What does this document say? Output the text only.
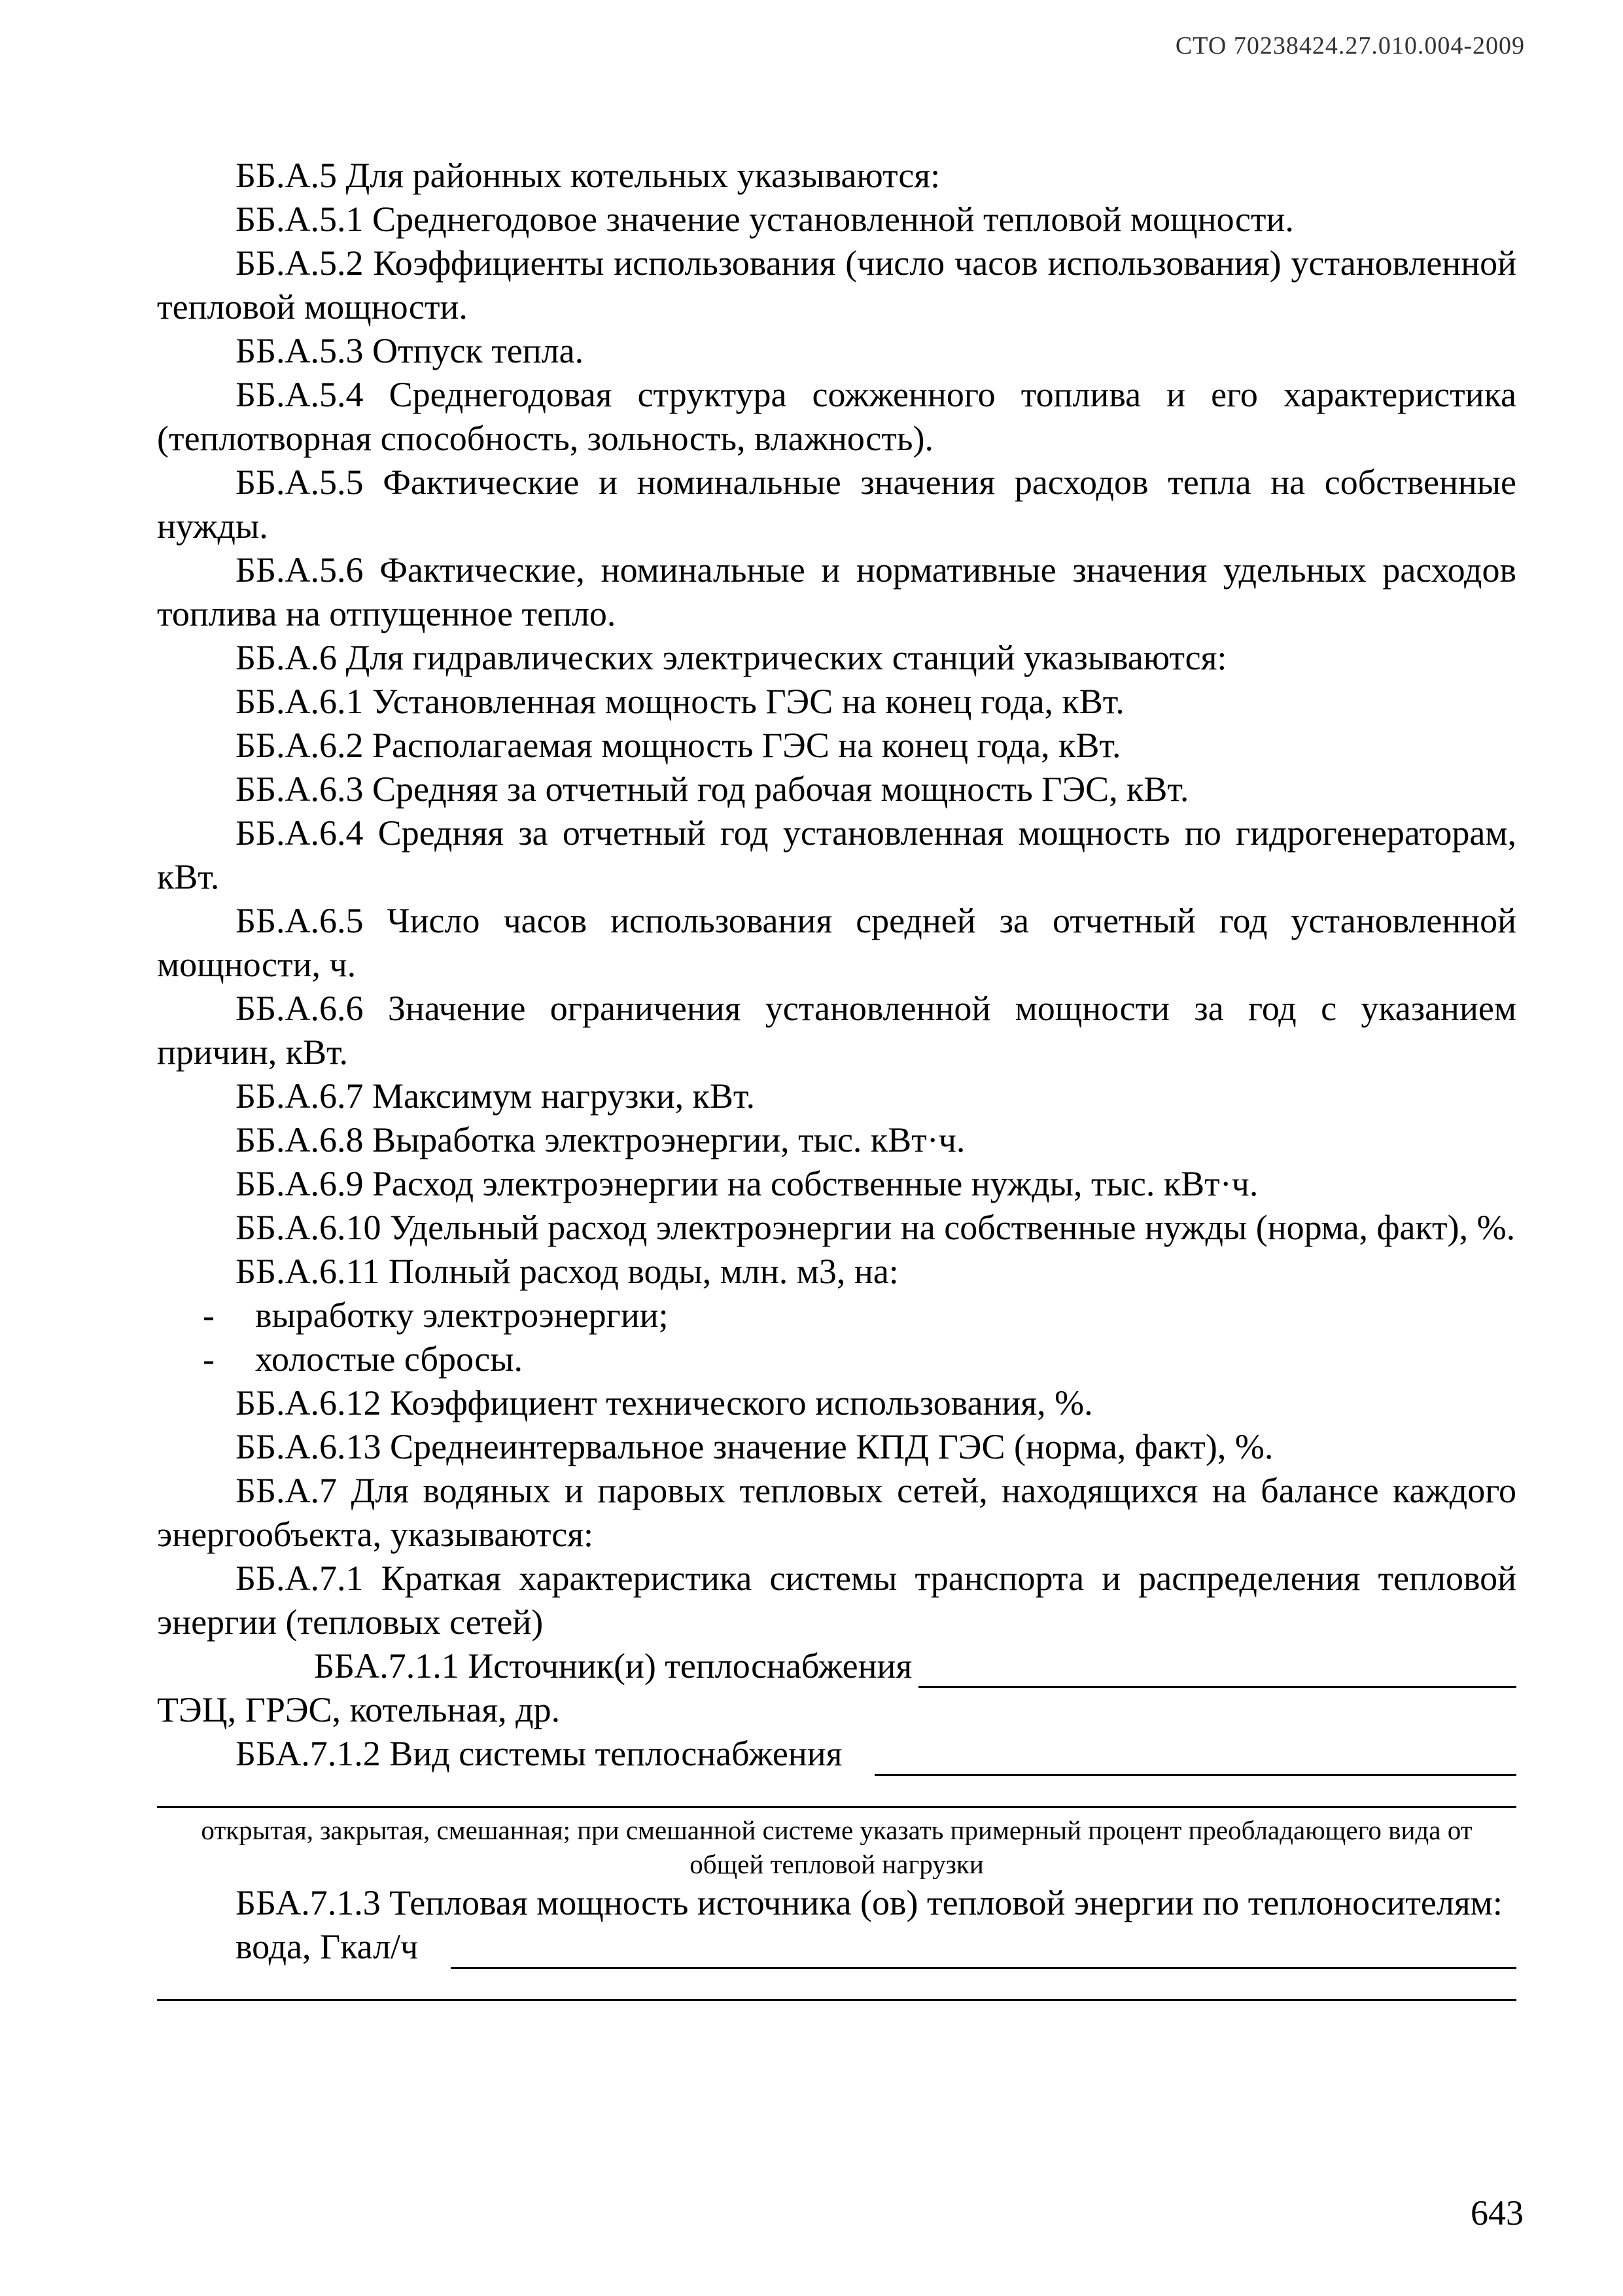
СТО 70238424.27.010.004-2009

ББ.А.5 Для районных котельных указываются:

ББ.А.5.1 Среднегодовое значение установленной тепловой мощности.

ББ.А.5.2 Коэффициенты использования (число часов использования) установленной тепловой мощности.

ББ.А.5.3 Отпуск тепла.

ББ.А.5.4 Среднегодовая структура сожженного топлива и его характеристика (теплотворная способность, зольность, влажность).

ББ.А.5.5 Фактические и номинальные значения расходов тепла на собственные нужды.

ББ.А.5.6 Фактические, номинальные и нормативные значения удельных расходов топлива на отпущенное тепло.

ББ.А.6 Для гидравлических электрических станций указываются:

ББ.А.6.1 Установленная мощность ГЭС на конец года, кВт.

ББ.А.6.2 Располагаемая мощность ГЭС на конец года, кВт.

ББ.А.6.3 Средняя за отчетный год рабочая мощность ГЭС, кВт.

ББ.А.6.4 Средняя за отчетный год установленная мощность по гидрогенераторам, кВт.

ББ.А.6.5 Число часов использования средней за отчетный год установленной мощности, ч.

ББ.А.6.6 Значение ограничения установленной мощности за год с указанием причин, кВт.

ББ.А.6.7 Максимум нагрузки, кВт.

ББ.А.6.8 Выработка электроэнергии, тыс. кВт·ч.

ББ.А.6.9 Расход электроэнергии на собственные нужды, тыс. кВт·ч.

ББ.А.6.10 Удельный расход электроэнергии на собственные нужды (норма, факт), %.

ББ.А.6.11 Полный расход воды, млн. м3, на:

- выработку электроэнергии;

- холостые сбросы.

ББ.А.6.12 Коэффициент технического использования, %.

ББ.А.6.13 Среднеинтервальное значение КПД ГЭС (норма, факт), %.

ББ.А.7 Для водяных и паровых тепловых сетей, находящихся на балансе каждого энергообъекта, указываются:

ББ.А.7.1 Краткая характеристика системы транспорта и распределения тепловой энергии (тепловых сетей)

ББА.7.1.1 Источник(и) теплоснабжения

ТЭЦ, ГРЭС, котельная, др.

ББА.7.1.2 Вид системы теплоснабжения
открытая, закрытая, смешанная; при смешанной системе указать примерный процент преобладающего вида от общей тепловой нагрузки

ББА.7.1.3 Тепловая мощность источника (ов) тепловой энергии по теплоносителям:

вода, Гкал/ч
643
